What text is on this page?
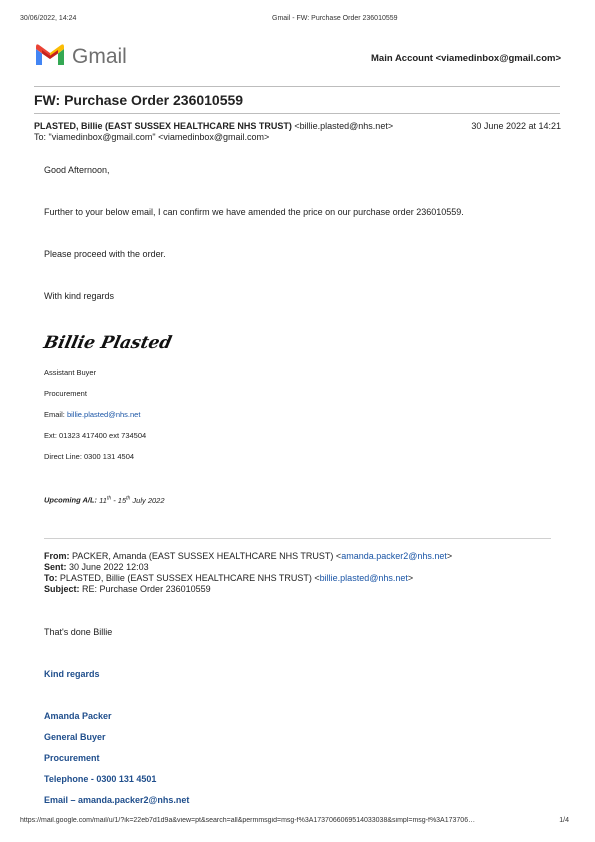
30/06/2022, 14:24	Gmail - FW: Purchase Order 236010559
Gmail	Main Account <viamedinbox@gmail.com>
FW: Purchase Order 236010559
PLASTED, Billie (EAST SUSSEX HEALTHCARE NHS TRUST) <billie.plasted@nhs.net>	30 June 2022 at 14:21
To: "viamedinbox@gmail.com" <viamedinbox@gmail.com>
Good Afternoon,
Further to your below email, I can confirm we have amended the price on our purchase order 236010559.
Please proceed with the order.
With kind regards
Billie Plasted
Assistant Buyer
Procurement
Email: billie.plasted@nhs.net
Ext: 01323 417400 ext 734504
Direct Line: 0300 131 4504
Upcoming A/L: 11th - 15th July 2022
From: PACKER, Amanda (EAST SUSSEX HEALTHCARE NHS TRUST) <amanda.packer2@nhs.net>
Sent: 30 June 2022 12:03
To: PLASTED, Billie (EAST SUSSEX HEALTHCARE NHS TRUST) <billie.plasted@nhs.net>
Subject: RE: Purchase Order 236010559
That's done Billie
Kind regards
Amanda Packer
General Buyer
Procurement
Telephone - 0300 131 4501
Email – amanda.packer2@nhs.net
https://mail.google.com/mail/u/1/?ik=22eb7d1d9a&view=pt&search=all&permmsgid=msg-f%3A1737066069514033038&simpl=msg-f%3A173706…	1/4
